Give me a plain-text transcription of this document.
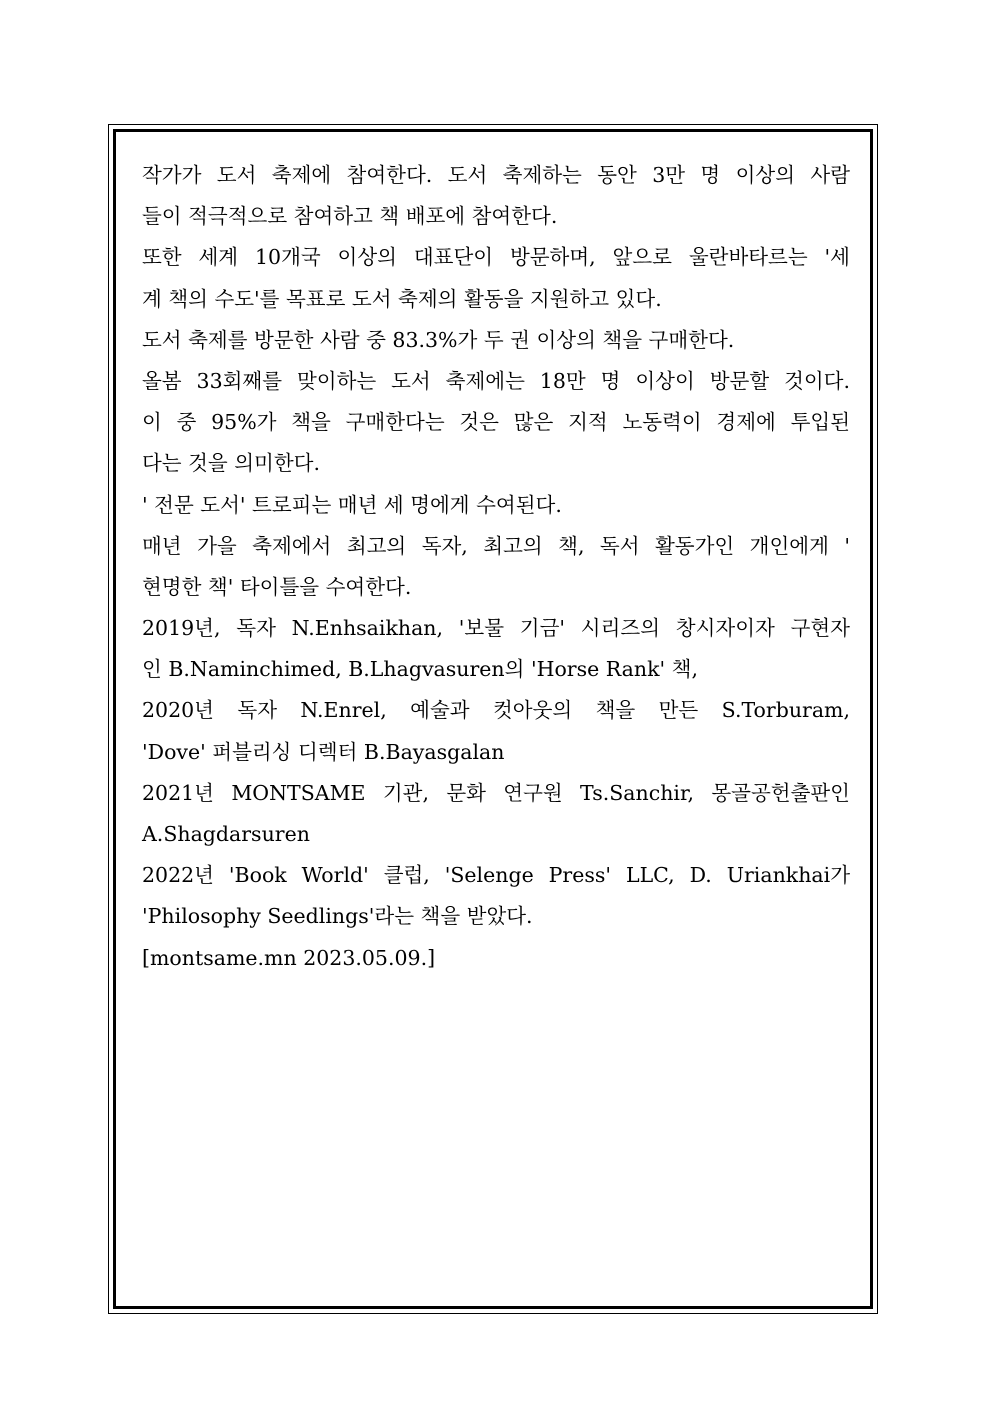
작가가 도서 축제에 참여한다. 도서 축제하는 동안 3만 명 이상의 사람
들이 적극적으로 참여하고 책 배포에 참여한다.
또한 세계 10개국 이상의 대표단이 방문하며, 앞으로 울란바타르는 '세
계 책의 수도'를 목표로 도서 축제의 활동을 지원하고 있다.
도서 축제를 방문한 사람 중 83.3%가 두 권 이상의 책을 구매한다.
올봄 33회째를 맞이하는 도서 축제에는 18만 명 이상이 방문할 것이다.
이 중 95%가 책을 구매한다는 것은 많은 지적 노동력이 경제에 투입된
다는 것을 의미한다.
' 전문 도서' 트로피는 매년 세 명에게 수여된다.
매년 가을 축제에서 최고의 독자, 최고의 책, 독서 활동가인 개인에게 '
현명한 책' 타이틀을 수여한다.
2019년, 독자 N.Enhsaikhan, '보물 기금' 시리즈의 창시자이자 구현자
인 B.Naminchimed, B.Lhagvasuren의 'Horse Rank' 책,
2020년 독자 N.Enrel, 예술과 컷아웃의 책을 만든 S.Torburam,
'Dove' 퍼블리싱 디렉터 B.Bayasgalan
2021년 MONTSAME 기관, 문화 연구원 Ts.Sanchir, 몽골공헌출판인
A.Shagdarsuren
2022년 'Book World' 클럽, 'Selenge Press' LLC, D. Uriankhai가
'Philosophy Seedlings'라는 책을 받았다.
[montsame.mn 2023.05.09.]
